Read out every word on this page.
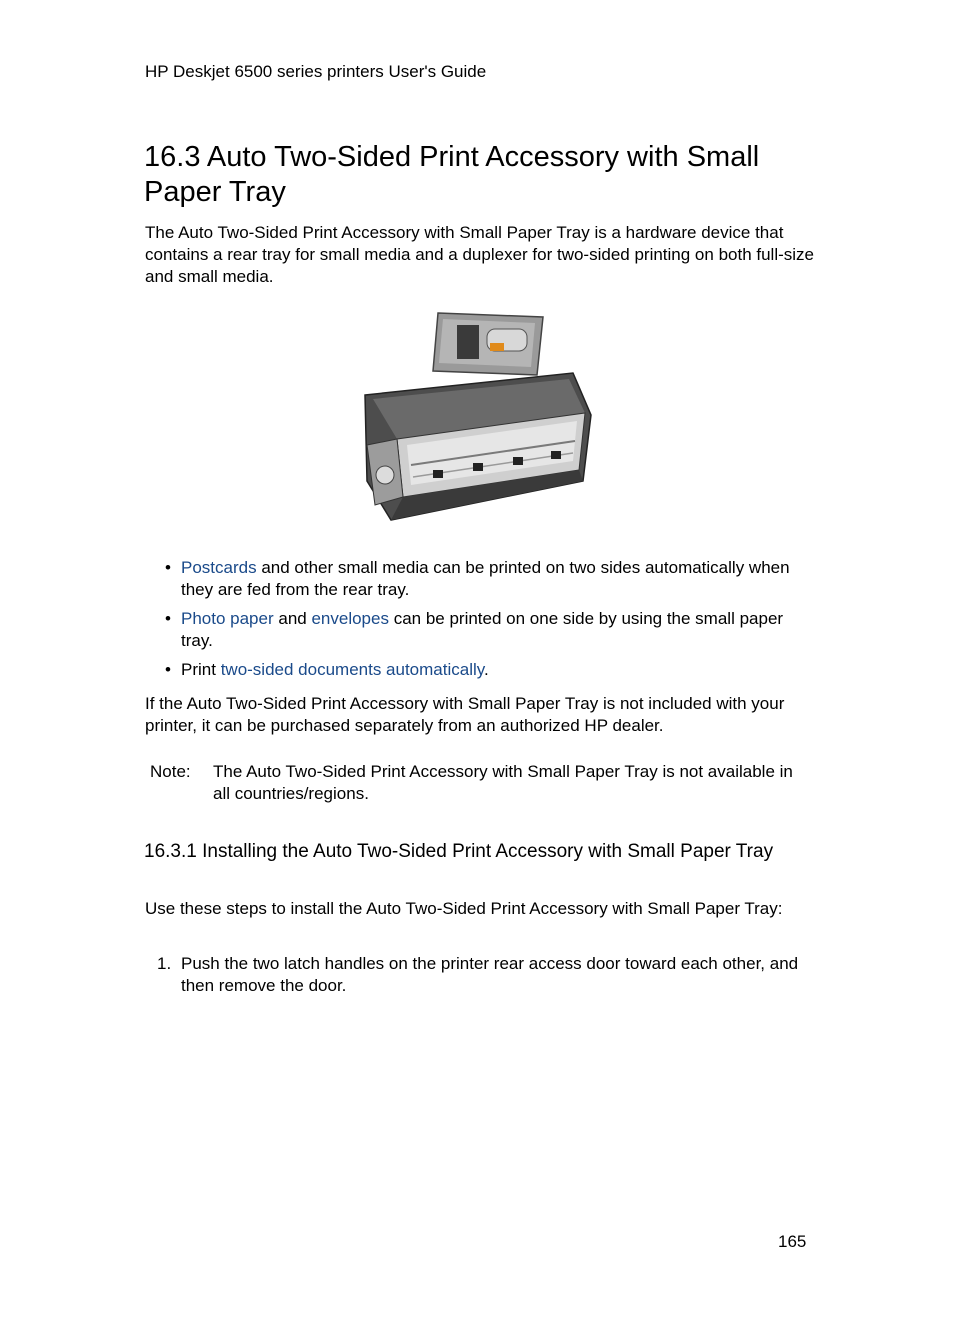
HP Deskjet 6500 series printers User's Guide
16.3 Auto Two-Sided Print Accessory with Small Paper Tray
The Auto Two-Sided Print Accessory with Small Paper Tray is a hardware device that contains a rear tray for small media and a duplexer for two-sided printing on both full-size and small media.
• Postcards and other small media can be printed on two sides automatically when they are fed from the rear tray.
• Photo paper and envelopes can be printed on one side by using the small paper tray.
• Print two-sided documents automatically.
If the Auto Two-Sided Print Accessory with Small Paper Tray is not included with your printer, it can be purchased separately from an authorized HP dealer.
Note: The Auto Two-Sided Print Accessory with Small Paper Tray is not available in all countries/regions.
16.3.1 Installing the Auto Two-Sided Print Accessory with Small Paper Tray
Use these steps to install the Auto Two-Sided Print Accessory with Small Paper Tray:
1. Push the two latch handles on the printer rear access door toward each other, and then remove the door.
165
